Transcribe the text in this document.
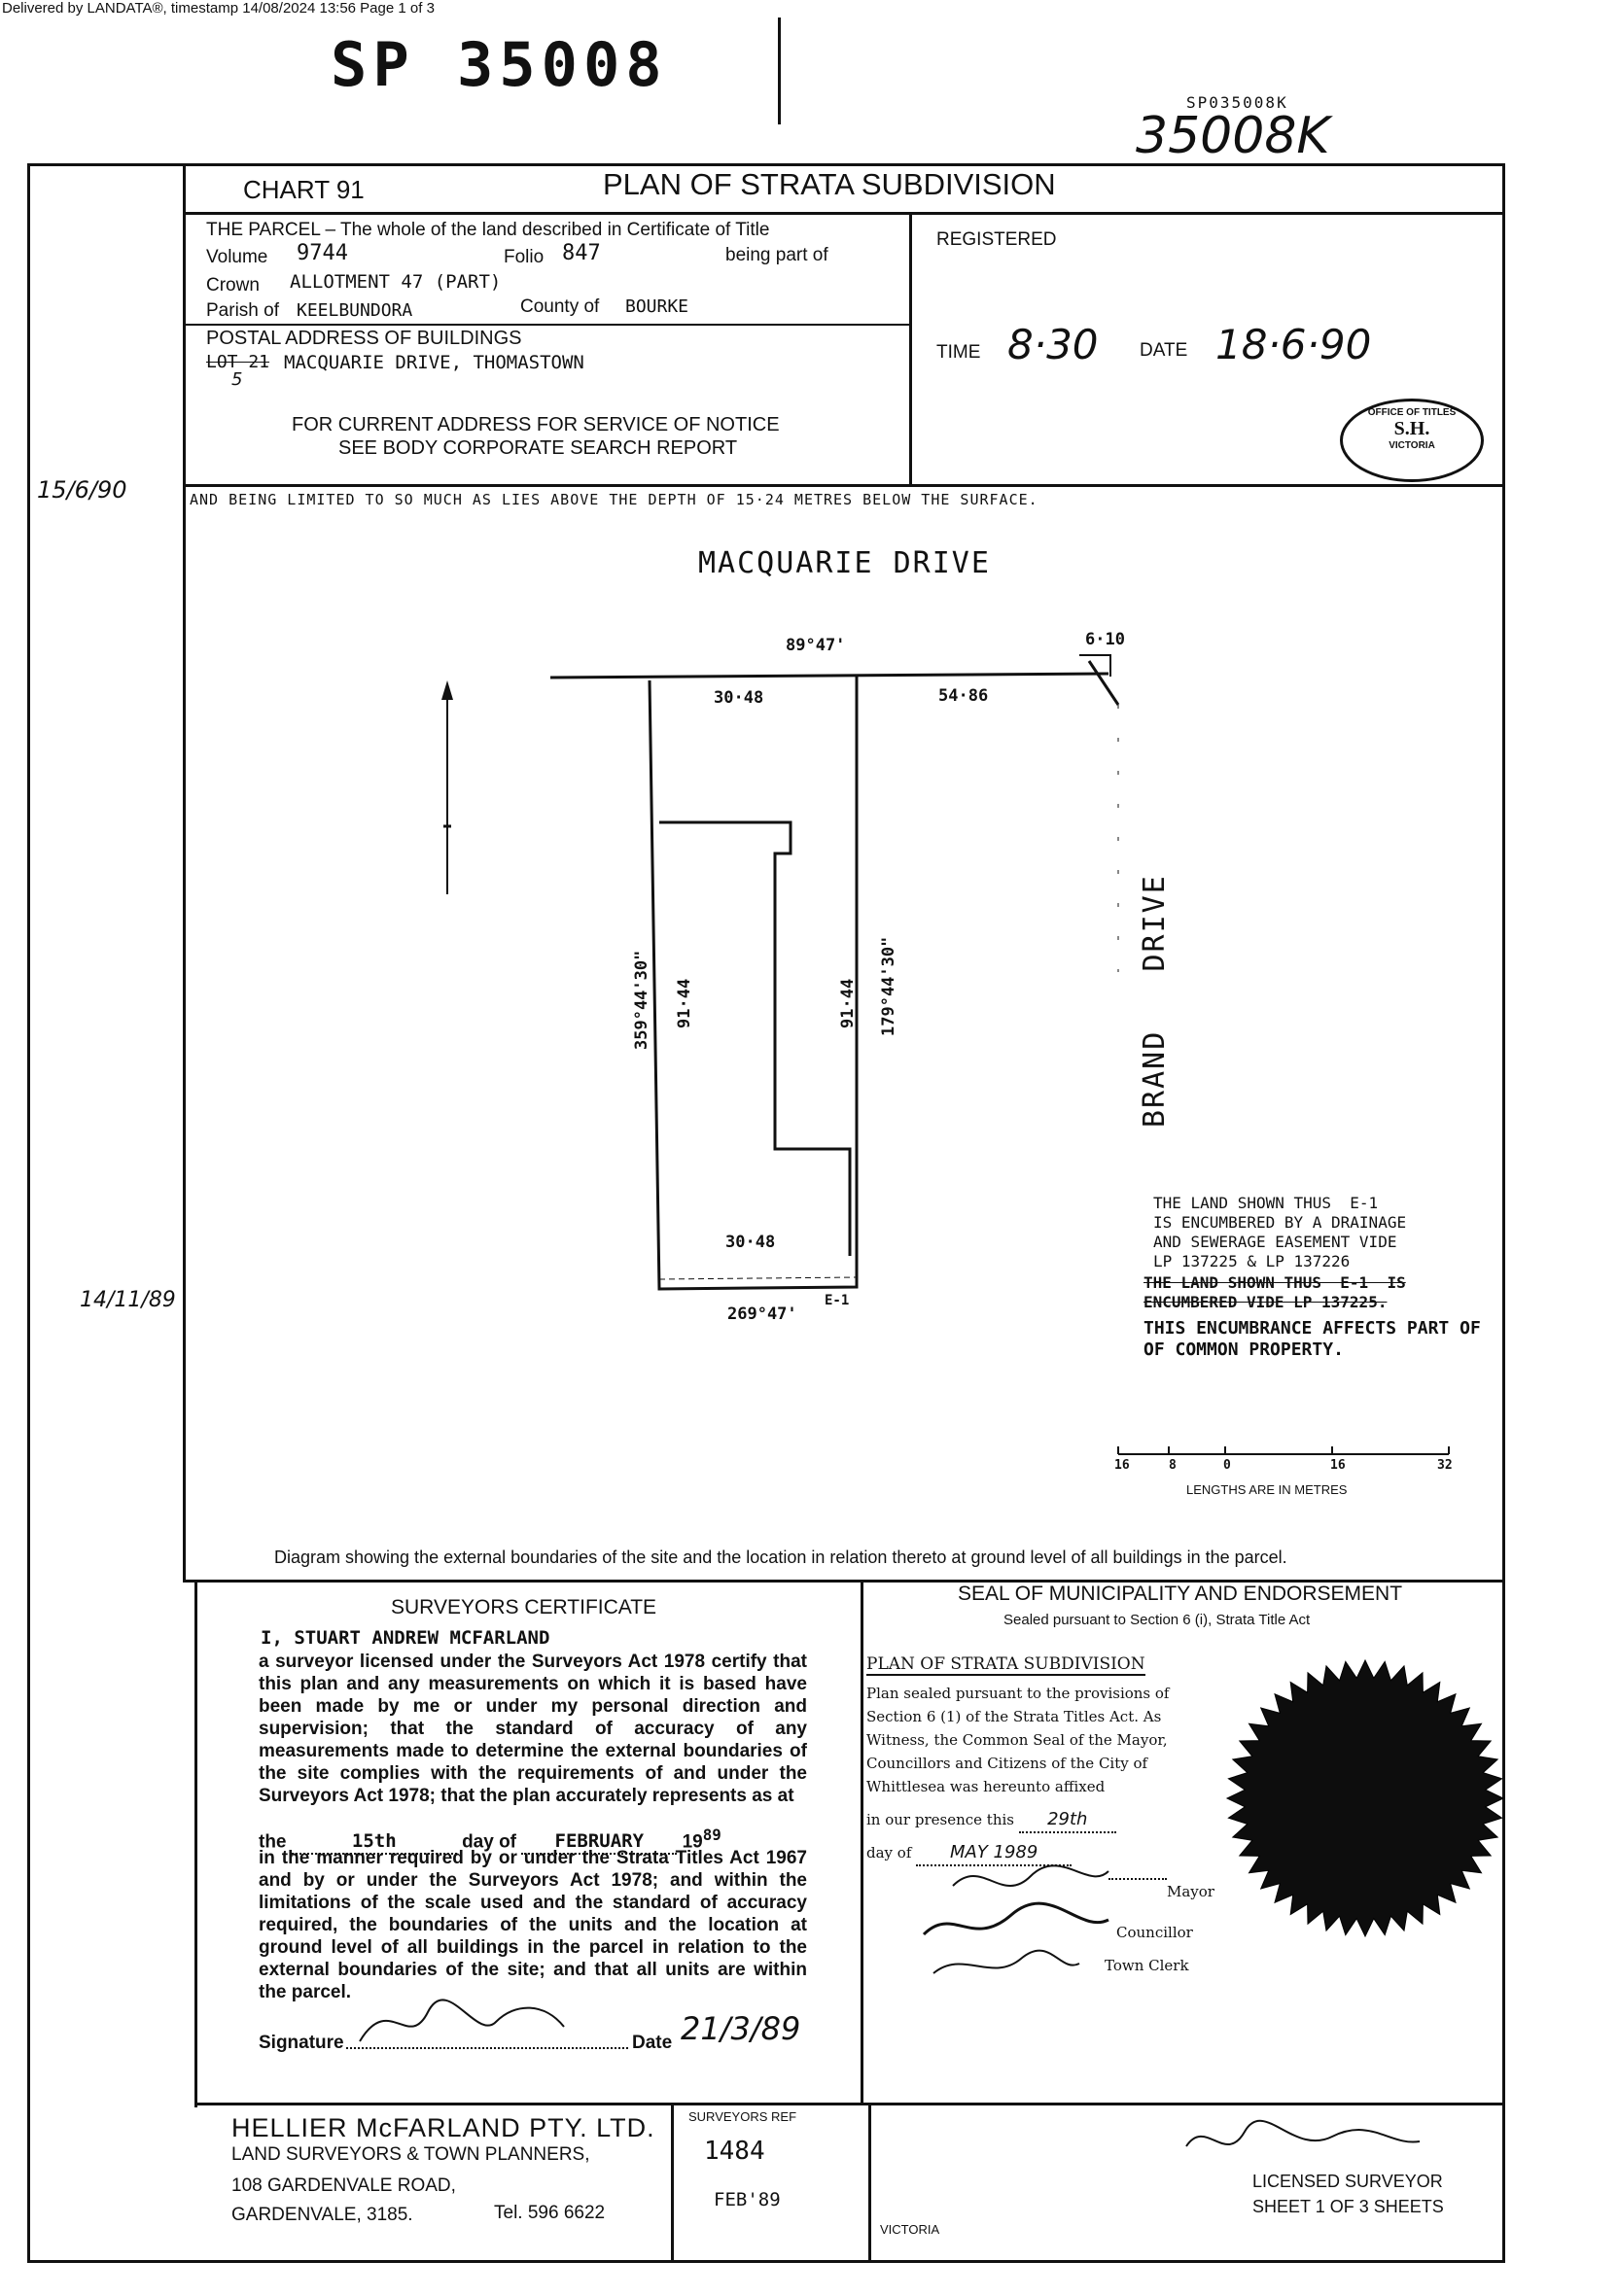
Delivered by LANDATA®, timestamp 14/08/2024 13:56 Page 1 of 3
SP 35008
SP035008K
35008K
CHART 91	PLAN OF STRATA SUBDIVISION
THE PARCEL – The whole of the land described in Certificate of Title
Volume 9744	Folio 847	being part of
Crown ALLOTMENT 47 (PART)
Parish of KEELBUNDORA	County of BOURKE
POSTAL ADDRESS OF BUILDINGS
LOT 21 MACQUARIE DRIVE, THOMASTOWN
5
FOR CURRENT ADDRESS FOR SERVICE OF NOTICE
SEE BODY CORPORATE SEARCH REPORT
REGISTERED
TIME 8·30 DATE 18·6·90
OFFICE OF TITLES
S.H.
VICTORIA
15/6/90
14/11/89
AND BEING LIMITED TO SO MUCH AS LIES ABOVE THE DEPTH OF 15·24 METRES BELOW THE SURFACE.
MACQUARIE DRIVE
BRAND   DRIVE
89°47'	6·10
30·48	54·86
359°44'30" 91·44	91·44 179°44'30"
30·48
269°47'
E-1
THE LAND SHOWN THUS  E-1
IS ENCUMBERED BY A DRAINAGE
AND SEWERAGE EASEMENT VIDE
LP 137225 & LP 137226
THE LAND SHOWN THUS  E-1  IS
ENCUMBERED VIDE LP 137225.
THIS ENCUMBRANCE AFFECTS PART OF
OF COMMON PROPERTY.
16	8	0	16	32
LENGTHS ARE IN METRES
Diagram showing the external boundaries of the site and the location in relation thereto at ground level of all buildings in the parcel.
SURVEYORS CERTIFICATE
I, STUART ANDREW MCFARLAND
a surveyor licensed under the Surveyors Act 1978 certify that this plan and any measurements on which it is based have been made by me or under my personal direction and supervision; that the standard of accuracy of any measurements made to determine the external boundaries of the site complies with the requirements of and under the Surveyors Act 1978; that the plan accurately represents as at
the	15th	day of FEBRUARY $19^{89}$
in the manner required by or under the Strata Titles Act 1967 and by or under the Surveyors Act 1978; and within the limitations of the scale used and the standard of accuracy required, the boundaries of the units and the location at ground level of all buildings in the parcel in relation to the external boundaries of the site; and that all units are within the parcel.
Signature	Date 21/3/89
SEAL OF MUNICIPALITY AND ENDORSEMENT
Sealed pursuant to Section 6 (i), Strata Title Act
PLAN OF STRATA SUBDIVISION
Plan sealed pursuant to the provisions of Section 6 (1) of the Strata Titles Act. As Witness, the Common Seal of the Mayor, Councillors and Citizens of the City of Whittlesea was hereunto affixed
in our presence this 29th
day of MAY 1989
Mayor
Councillor
Town Clerk
HELLIER McFARLAND PTY. LTD.
LAND SURVEYORS & TOWN PLANNERS,
108 GARDENVALE ROAD,
GARDENVALE, 3185.	Tel. 596 6622
SURVEYORS REF
1484
FEB'89
VICTORIA
LICENSED SURVEYOR
SHEET 1 OF 3 SHEETS
